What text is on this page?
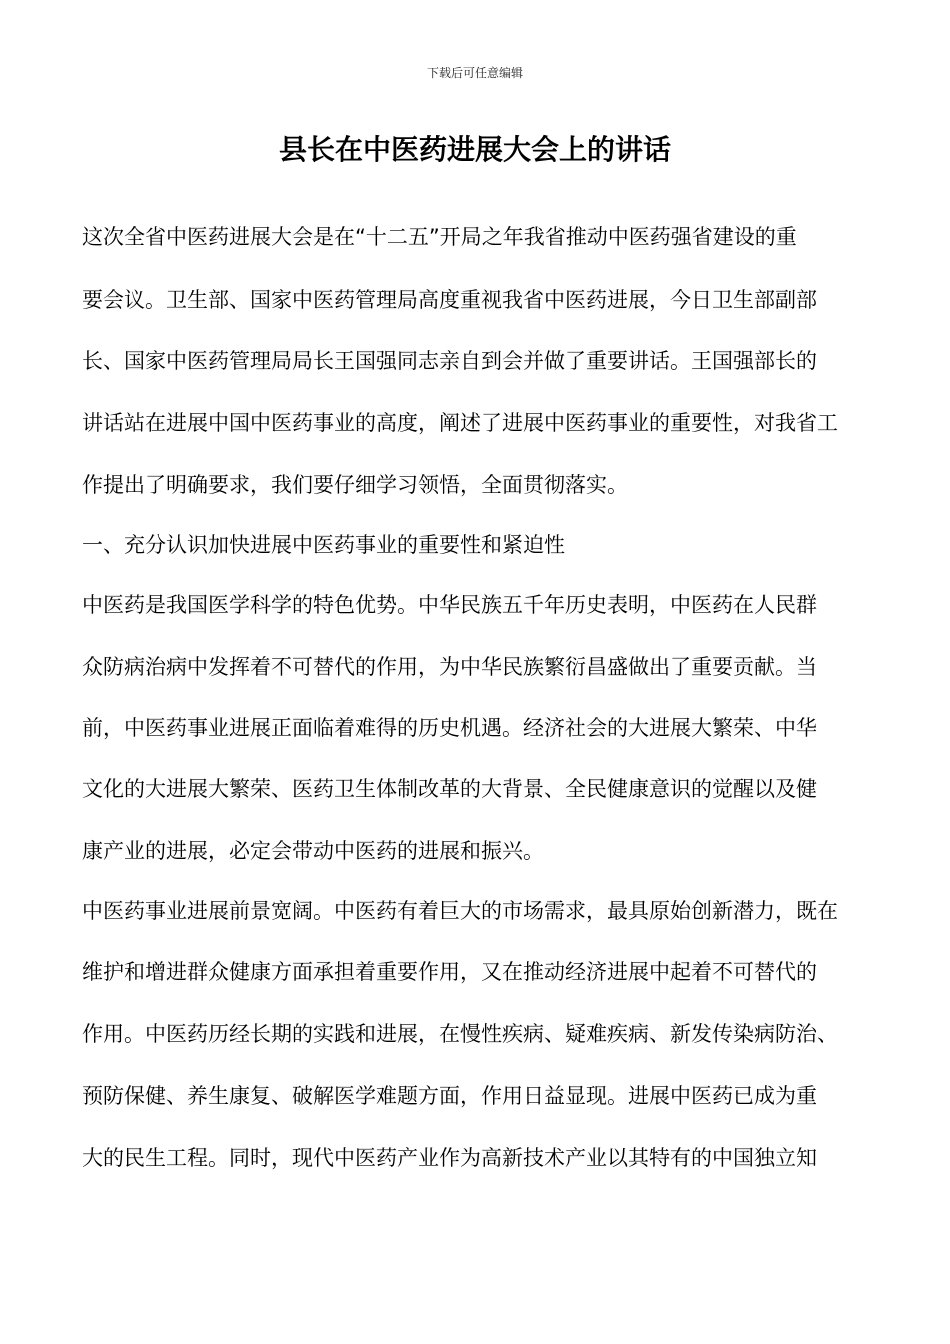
下载后可任意编辑
县长在中医药进展大会上的讲话
这次全省中医药进展大会是在“十二五”开局之年我省推动中医药强省建设的重
要会议。卫生部、国家中医药管理局高度重视我省中医药进展，今日卫生部副部
长、国家中医药管理局局长王国强同志亲自到会并做了重要讲话。王国强部长的
讲话站在进展中国中医药事业的高度，阐述了进展中医药事业的重要性，对我省工
作提出了明确要求，我们要仔细学习领悟，全面贯彻落实。
一、充分认识加快进展中医药事业的重要性和紧迫性
中医药是我国医学科学的特色优势。中华民族五千年历史表明，中医药在人民群
众防病治病中发挥着不可替代的作用，为中华民族繁衍昌盛做出了重要贡献。当
前，中医药事业进展正面临着难得的历史机遇。经济社会的大进展大繁荣、中华
文化的大进展大繁荣、医药卫生体制改革的大背景、全民健康意识的觉醒以及健
康产业的进展，必定会带动中医药的进展和振兴。
中医药事业进展前景宽阔。中医药有着巨大的市场需求，最具原始创新潜力，既在
维护和增进群众健康方面承担着重要作用，又在推动经济进展中起着不可替代的
作用。中医药历经长期的实践和进展，在慢性疾病、疑难疾病、新发传染病防治、
预防保健、养生康复、破解医学难题方面，作用日益显现。进展中医药已成为重
大的民生工程。同时，现代中医药产业作为高新技术产业以其特有的中国独立知
